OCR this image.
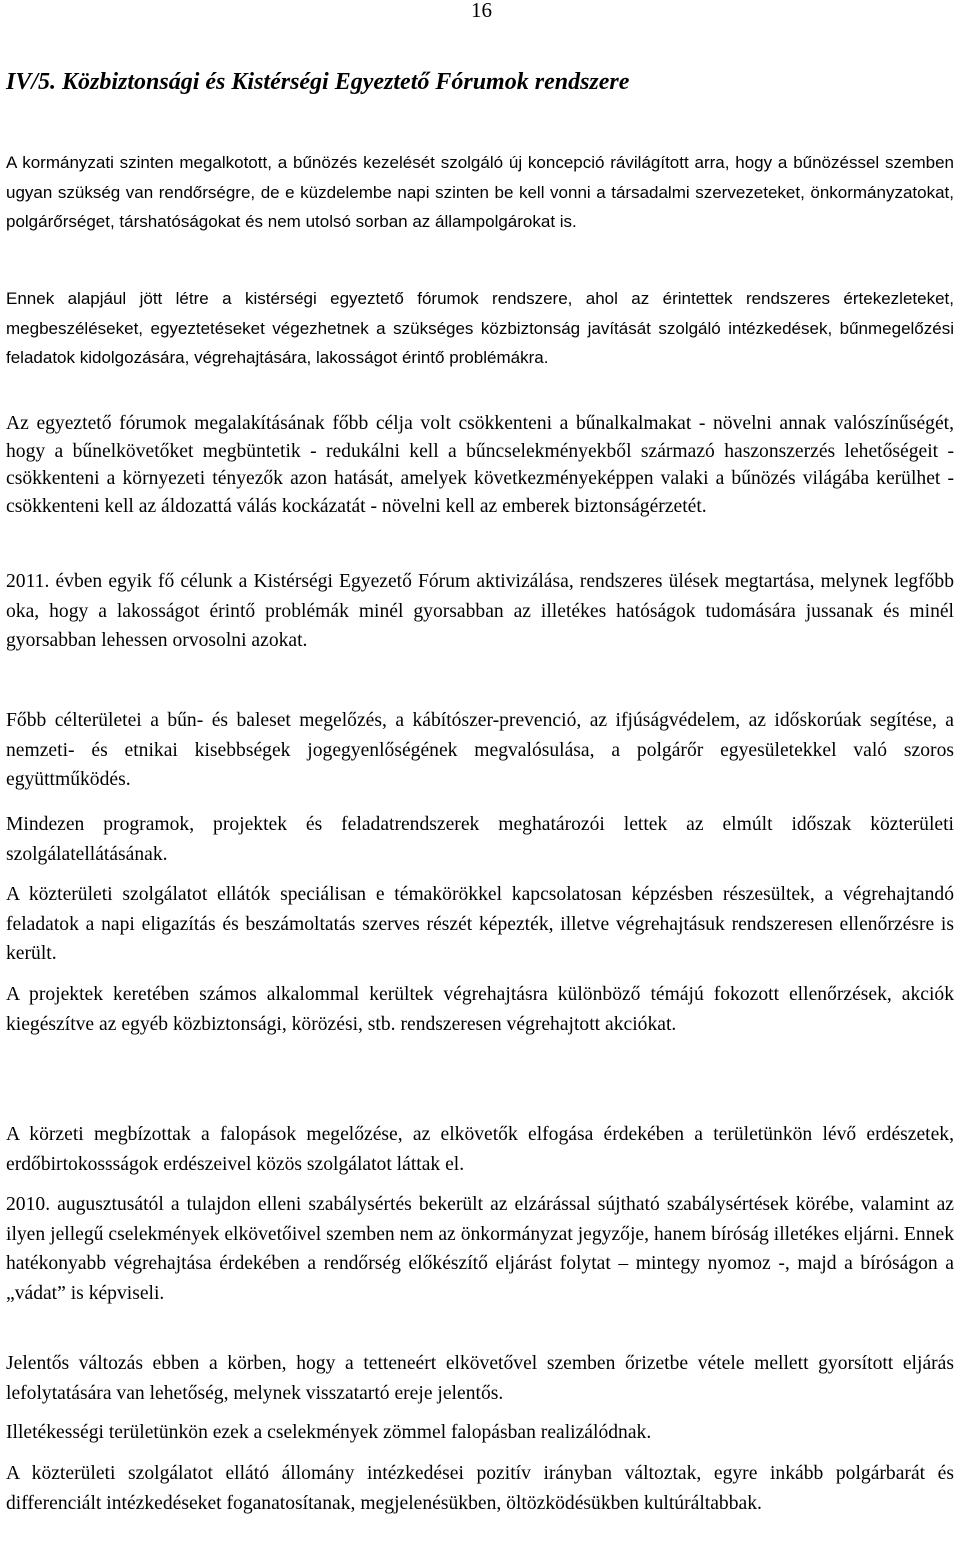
16
IV/5. Közbiztonsági és Kistérségi Egyeztető Fórumok rendszere

A kormányzati szinten megalkotott, a bűnözés kezelését szolgáló új koncepció rávilágított arra, hogy a bűnözéssel szemben ugyan szükség van rendőrségre, de e küzdelembe napi szinten be kell vonni a társadalmi szervezeteket, önkormányzatokat, polgárőrséget, társhatóságokat és nem utolsó sorban az állampolgárokat is.

Ennek alapjául jött létre a kistérségi egyeztető fórumok rendszere, ahol az érintettek rendszeres értekezleteket, megbeszéléseket, egyeztetéseket végezhetnek a szükséges közbiztonság javítását szolgáló intézkedések, bűnmegelőzési feladatok kidolgozására, végrehajtására, lakosságot érintő problémákra.

Az egyeztető fórumok megalakításának főbb célja volt csökkenteni a bűnalkalmakat - növelni annak valószínűségét, hogy a bűnelkövetőket megbüntetik - redukálni kell a bűncselekményekből származó haszonszerzés lehetőségeit - csökkenteni a környezeti tényezők azon hatását, amelyek következményeképpen valaki a bűnözés világába kerülhet - csökkenteni kell az áldozattá válás kockázatát - növelni kell az emberek biztonságérzetét.

2011. évben egyik fő célunk a Kistérségi Egyezető Fórum aktivizálása, rendszeres ülések megtartása, melynek legfőbb oka, hogy a lakosságot érintő problémák minél gyorsabban az illetékes hatóságok tudomására jussanak és minél gyorsabban lehessen orvosolni azokat.

Főbb célterületei a bűn- és baleset megelőzés, a kábítószer-prevenció, az ifjúságvédelem, az időskorúak segítése, a nemzeti- és etnikai kisebbségek jogegyenlőségének megvalósulása, a polgárőr egyesületekkel való szoros együttműködés.

Mindezen programok, projektek és feladatrendszerek meghatározói lettek az elmúlt időszak közterületi szolgálatellátásának.

A közterületi szolgálatot ellátók speciálisan e témakörökkel kapcsolatosan képzésben részesültek, a végrehajtandó feladatok a napi eligazítás és beszámoltatás szerves részét képezték, illetve végrehajtásuk rendszeresen ellenőrzésre is került.

A projektek keretében számos alkalommal kerültek végrehajtásra különböző témájú fokozott ellenőrzések, akciók kiegészítve az egyéb közbiztonsági, körözési, stb. rendszeresen végrehajtott akciókat.

A körzeti megbízottak a falopások megelőzése, az elkövetők elfogása érdekében a területünkön lévő erdészetek, erdőbirtokossságok erdészeivel közös szolgálatot láttak el.

2010. augusztusától a tulajdon elleni szabálysértés bekerült az elzárással sújtható szabálysértések körébe, valamint az ilyen jellegű cselekmények elkövetőivel szemben nem az önkormányzat jegyzője, hanem bíróság illetékes eljárni. Ennek hatékonyabb végrehajtása érdekében a rendőrség előkészítő eljárást folytat – mintegy nyomoz -, majd a bíróságon a „vádat” is képviseli.

Jelentős változás ebben a körben, hogy a tetteneért elkövetővel szemben őrizetbe vétele mellett gyorsított eljárás lefolytatására van lehetőség, melynek visszatartó ereje jelentős.

Illetékességi területünkön ezek a cselekmények zömmel falopásban realizálódnak.

A közterületi szolgálatot ellátó állomány intézkedései pozitív irányban változtak, egyre inkább polgárbarát és differenciált intézkedéseket foganatosítanak, megjelenésükben, öltözködésükben kultúráltabbak.
